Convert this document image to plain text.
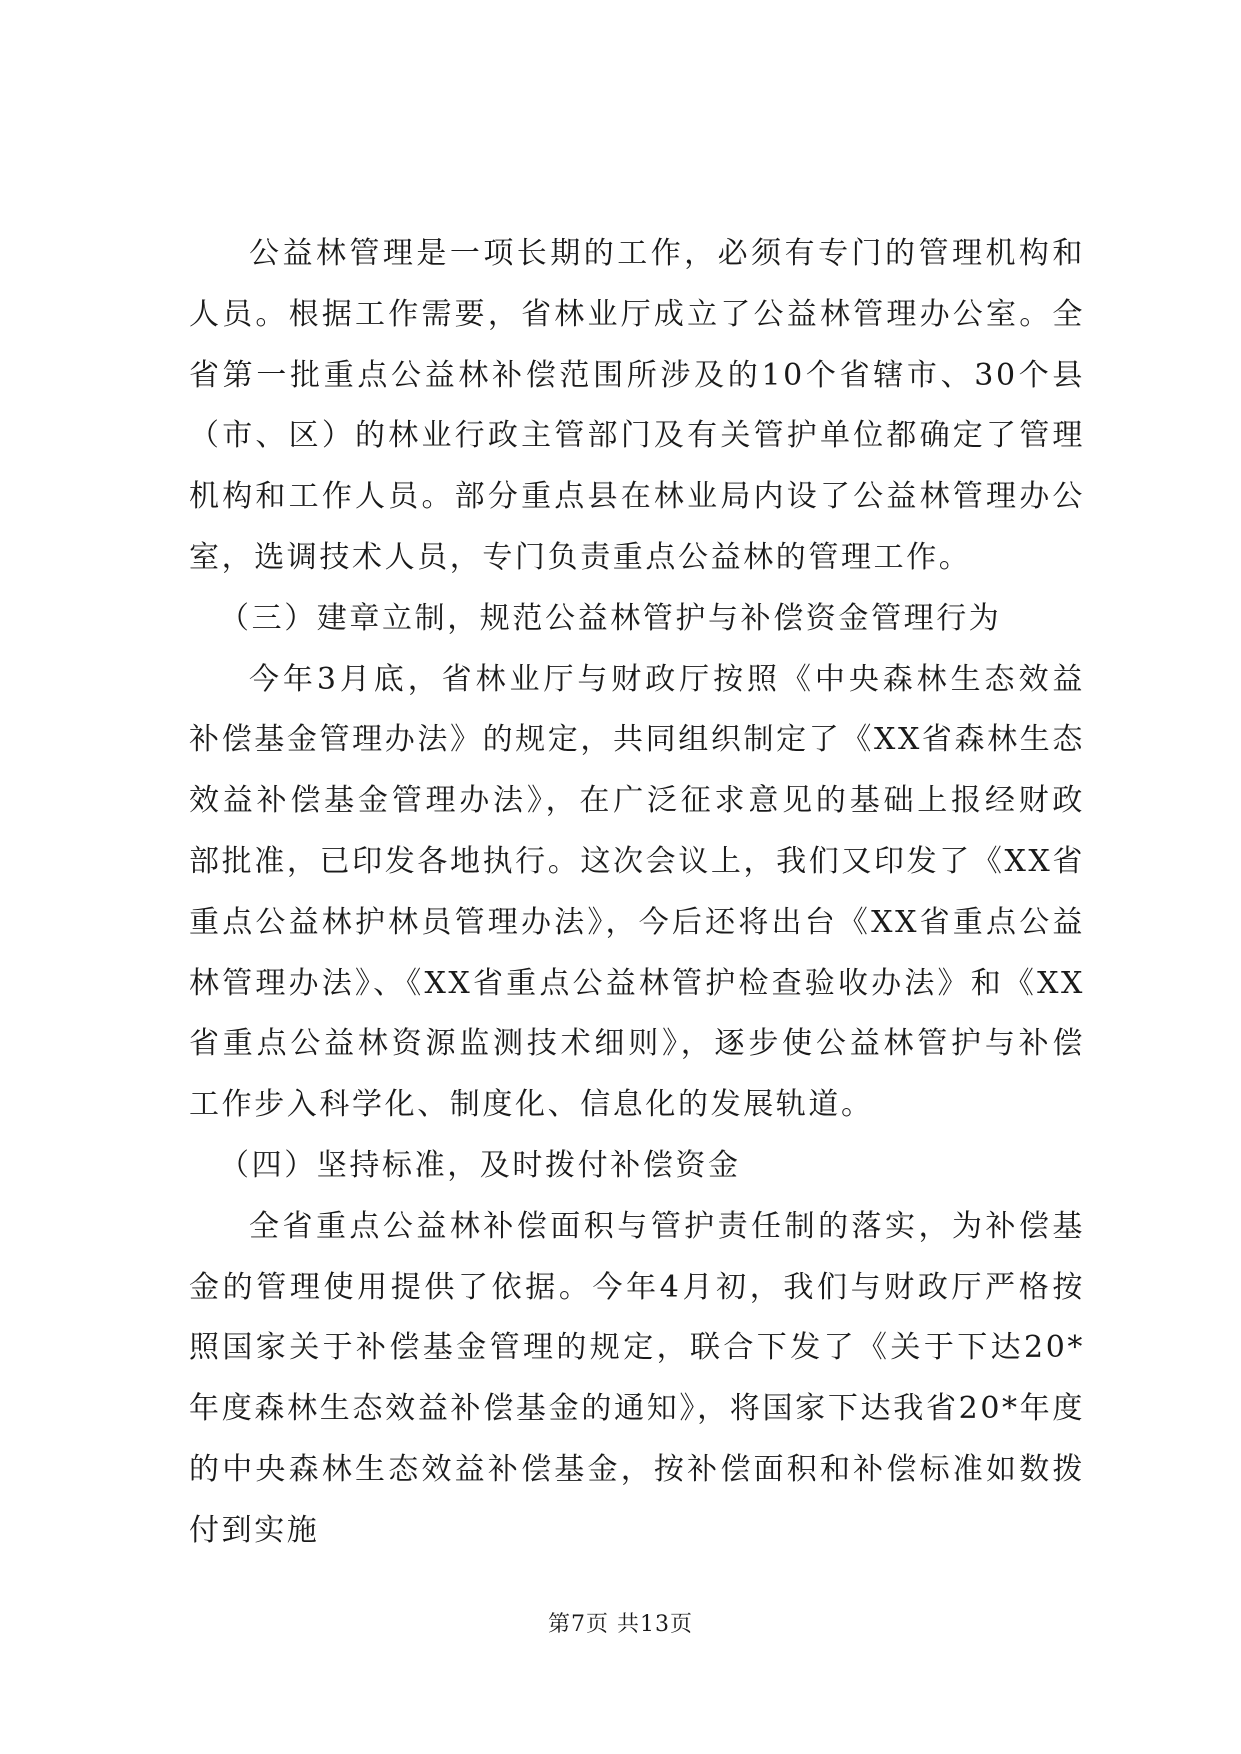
公益林管理是一项长期的工作，必须有专门的管理机构和人员。根据工作需要，省林业厅成立了公益林管理办公室。全省第一批重点公益林补偿范围所涉及的10个省辖市、30个县（市、区）的林业行政主管部门及有关管护单位都确定了管理机构和工作人员。部分重点县在林业局内设了公益林管理办公室，选调技术人员，专门负责重点公益林的管理工作。

（三）建章立制，规范公益林管护与补偿资金管理行为

今年3月底，省林业厅与财政厅按照《中央森林生态效益补偿基金管理办法》的规定，共同组织制定了《XX省森林生态效益补偿基金管理办法》，在广泛征求意见的基础上报经财政部批准，已印发各地执行。这次会议上，我们又印发了《XX省重点公益林护林员管理办法》，今后还将出台《XX省重点公益林管理办法》、《XX省重点公益林管护检查验收办法》和《XX省重点公益林资源监测技术细则》，逐步使公益林管护与补偿工作步入科学化、制度化、信息化的发展轨道。

（四）坚持标准，及时拨付补偿资金

全省重点公益林补偿面积与管护责任制的落实，为补偿基金的管理使用提供了依据。今年4月初，我们与财政厅严格按照国家关于补偿基金管理的规定，联合下发了《关于下达20*年度森林生态效益补偿基金的通知》，将国家下达我省20*年度的中央森林生态效益补偿基金，按补偿面积和补偿标准如数拨付到实施

第7页 共13页
